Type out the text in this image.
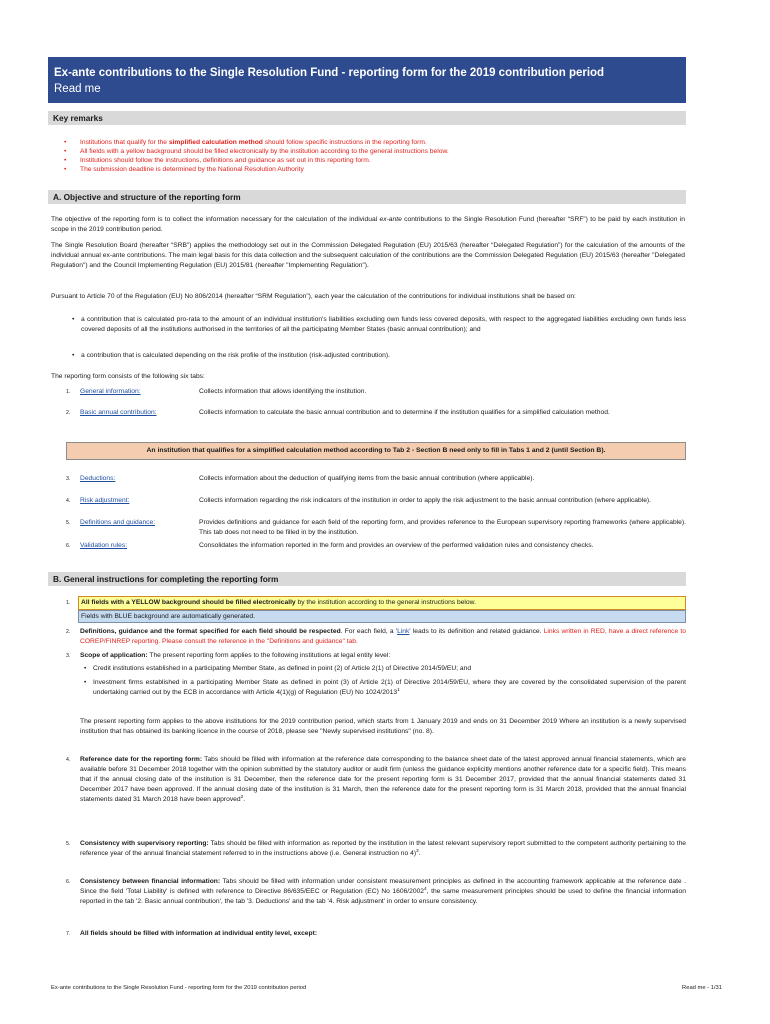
Ex-ante contributions to the Single Resolution Fund - reporting form for the 2019 contribution period
Read me
Key remarks
• Institutions that qualify for the simplified calculation method should follow specific instructions in the reporting form.
• All fields with a yellow background should be filled electronically by the institution according to the general instructions below.
• Institutions should follow the instructions, definitions and guidance as set out in this reporting form.
• The submission deadline is determined by the National Resolution Authority
A. Objective and structure of the reporting form
The objective of the reporting form is to collect the information necessary for the calculation of the individual ex-ante contributions to the Single Resolution Fund (hereafter “SRF”) to be paid by each institution in scope in the 2019 contribution period.
The Single Resolution Board (hereafter “SRB”) applies the methodology set out in the Commission Delegated Regulation (EU) 2015/63 (hereafter “Delegated Regulation”) for the calculation of the amounts of the individual annual ex-ante contributions. The main legal basis for this data collection and the subsequent calculation of the contributions are the Commission Delegated Regulation (EU) 2015/63 (hereafter "Delegated Regulation") and the Council Implementing Regulation (EU) 2015/81 (hereafter "Implementing Regulation").
Pursuant to Article 70 of the Regulation (EU) No 806/2014 (hereafter “SRM Regulation”), each year the calculation of the contributions for individual institutions shall be based on:
• a contribution that is calculated pro-rata to the amount of an individual institution's liabilities excluding own funds less covered deposits, with respect to the aggregated liabilities excluding own funds less covered deposits of all the institutions authorised in the territories of all the participating Member States (basic annual contribution); and
• a contribution that is calculated depending on the risk profile of the institution (risk-adjusted contribution).
The reporting form consists of the following six tabs:
1. General information:	Collects information that allows identifying the institution.
2. Basic annual contribution:	Collects information to calculate the basic annual contribution and to determine if the institution qualifies for a simplified calculation method.
An institution that qualifies for a simplified calculation method according to Tab 2 - Section B need only to fill in Tabs 1 and 2 (until Section B).
3. Deductions:	Collects information about the deduction of qualifying items from the basic annual contribution (where applicable).
4. Risk adjustment:	Collects information regarding the risk indicators of the institution in order to apply the risk adjustment to the basic annual contribution (where applicable).
5. Definitions and guidance:	Provides definitions and guidance for each field of the reporting form, and provides reference to the European supervisory reporting frameworks (where applicable). This tab does not need to be filled in by the institution.
6. Validation rules:	Consolidates the information reported in the form and provides an overview of the performed validation rules and consistency checks.
B. General instructions for completing the reporting form
1.	All fields with a YELLOW background should be filled electronically by the institution according to the general instructions below.
Fields with BLUE background are automatically generated.
2. Definitions, guidance and the format specified for each field should be respected. For each field, a 'Link' leads to its definition and related guidance. Links written in RED, have a direct reference to COREP/FINREP reporting. Please consult the reference in the "Definitions and guidance" tab.
3. Scope of application: The present reporting form applies to the following institutions at legal entity level:
• Credit institutions established in a participating Member State, as defined in point (2) of Article 2(1) of Directive 2014/59/EU; and
• Investment firms established in a participating Member State as defined in point (3) of Article 2(1) of Directive 2014/59/EU, where they are covered by the consolidated supervision of the parent undertaking carried out by the ECB in accordance with Article 4(1)(g) of Regulation (EU) No 1024/2013$^1$
The present reporting form applies to the above institutions for the 2019 contribution period, which starts from 1 January 2019 and ends on 31 December 2019 Where an institution is a newly supervised institution that has obtained its banking licence in the course of 2018, please see "Newly supervised institutions" (no. 8).
4. Reference date for the reporting form: Tabs should be filled with information at the reference date corresponding to the balance sheet date of the latest approved annual financial statements, which are available before 31 December 2018 together with the opinion submitted by the statutory auditor or audit firm (unless the guidance explicitly mentions another reference date for a specific field). This means that if the annual closing date of the institution is 31 December, then the reference date for the present reporting form is 31 December 2017, provided that the annual financial statements dated 31 December 2017 have been approved. If the annual closing date of the institution is 31 March, then the reference date for the present reporting form is 31 March 2018, provided that the annual financial statements dated 31 March 2018 have been approved$^2$.
5. Consistency with supervisory reporting: Tabs should be filled with information as reported by the institution in the latest relevant supervisory report submitted to the competent authority pertaining to the reference year of the annual financial statement referred to in the instructions above (i.e. General instruction no 4)$^3$.
6. Consistency between financial information: Tabs should be filled with information under consistent measurement principles as defined in the accounting framework applicable at the reference date . Since the field 'Total Liability' is defined with reference to Directive 86/635/EEC or Regulation (EC) No 1606/2002$^4$, the same measurement principles should be used to define the financial information reported in the tab '2. Basic annual contribution', the tab '3. Deductions' and the tab '4. Risk adjustment' in order to ensure consistency.
7. All fields should be filled with information at individual entity level, except:
Ex-ante contributions to the Single Resolution Fund - reporting form for the 2019 contribution period	Read me - 1/31
